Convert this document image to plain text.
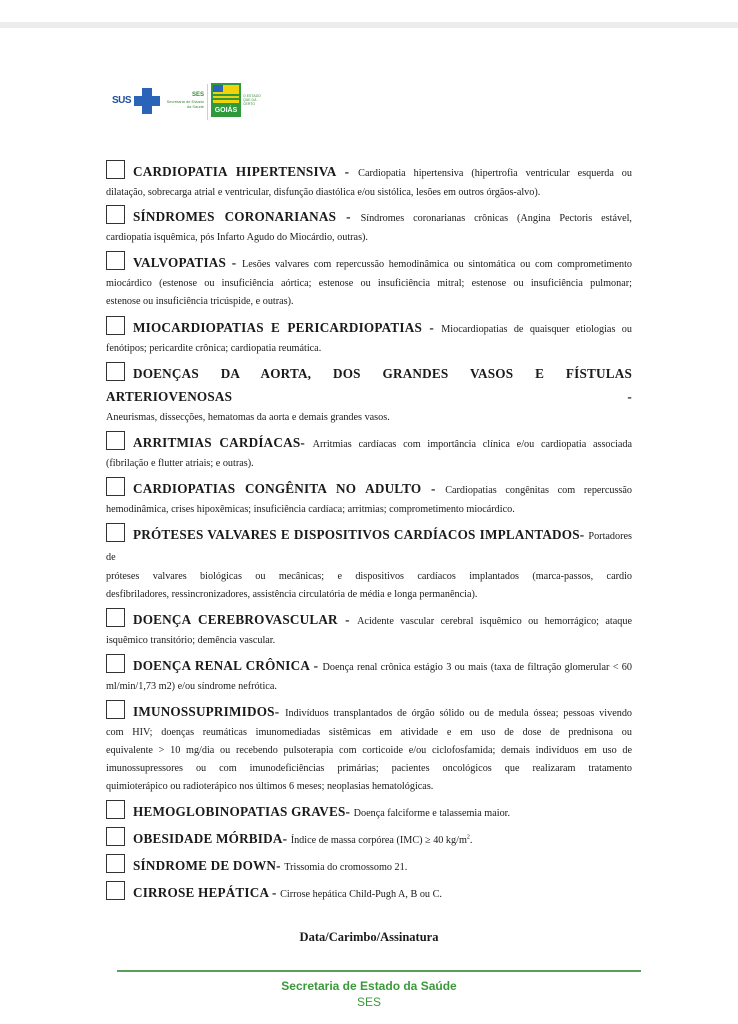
SUS	SES
Secretaria de Estado da Saúde
GOIÁS
O ESTADO QUE DÁ CERTO
CARDIOPATIA HIPERTENSIVA - Cardiopatia hipertensiva (hipertrofia ventricular esquerda ou
dilatação, sobrecarga atrial e ventricular, disfunção diastólica e/ou sistólica, lesões em outros órgãos-alvo).
SÍNDROMES CORONARIANAS - Síndromes coronarianas crônicas (Angina Pectoris estável,
cardiopatia isquêmica, pós Infarto Agudo do Miocárdio, outras).
VALVOPATIAS - Lesões valvares com repercussão hemodinâmica ou sintomática ou com comprometimento
miocárdico (estenose ou insuficiência aórtica; estenose ou insuficiência mitral; estenose ou insuficiência pulmonar;
estenose ou insuficiência tricúspide, e outras).
MIOCARDIOPATIAS E PERICARDIOPATIAS - Miocardiopatias de quaisquer etiologias ou
fenótipos; pericardite crônica; cardiopatia reumática.
DOENÇAS DA AORTA, DOS GRANDES VASOS E FÍSTULAS ARTERIOVENOSAS -
Aneurismas, dissecções, hematomas da aorta e demais grandes vasos.
ARRITMIAS CARDÍACAS- Arritmias cardíacas com importância clínica e/ou cardiopatia associada
(fibrilação e flutter atriais; e outras).
CARDIOPATIAS CONGÊNITA NO ADULTO - Cardiopatias congênitas com repercussão
hemodinâmica, crises hipoxêmicas; insuficiência cardíaca; arritmias; comprometimento miocárdico.
PRÓTESES VALVARES E DISPOSITIVOS CARDÍACOS IMPLANTADOS- Portadores de
próteses valvares biológicas ou mecânicas; e dispositivos cardíacos implantados (marca-passos, cardio
desfibriladores, ressincronizadores, assistência circulatória de média e longa permanência).
DOENÇA CEREBROVASCULAR - Acidente vascular cerebral isquêmico ou hemorrágico; ataque
isquêmico transitório; demência vascular.
DOENÇA RENAL CRÔNICA - Doença renal crônica estágio 3 ou mais (taxa de filtração glomerular < 60
ml/min/1,73 m2) e/ou síndrome nefrótica.
IMUNOSSUPRIMIDOS- Indivíduos transplantados de órgão sólido ou de medula óssea; pessoas vivendo
com HIV; doenças reumáticas imunomediadas sistêmicas em atividade e em uso de dose de prednisona ou
equivalente > 10 mg/dia ou recebendo pulsoterapia com corticoide e/ou ciclofosfamida; demais indivíduos em uso de
imunossupressores ou com imunodeficiências primárias; pacientes oncológicos que realizaram tratamento
quimioterápico ou radioterápico nos últimos 6 meses; neoplasias hematológicas.
HEMOGLOBINOPATIAS GRAVES- Doença falciforme e talassemia maior.
OBESIDADE MÓRBIDA- Índice de massa corpórea (IMC) ≥ 40 $kg/m^2$.
SÍNDROME DE DOWN- Trissomia do cromossomo 21.
CIRROSE HEPÁTICA - Cirrose hepática Child-Pugh A, B ou C.
Data/Carimbo/Assinatura
Secretaria de Estado da Saúde
SES
